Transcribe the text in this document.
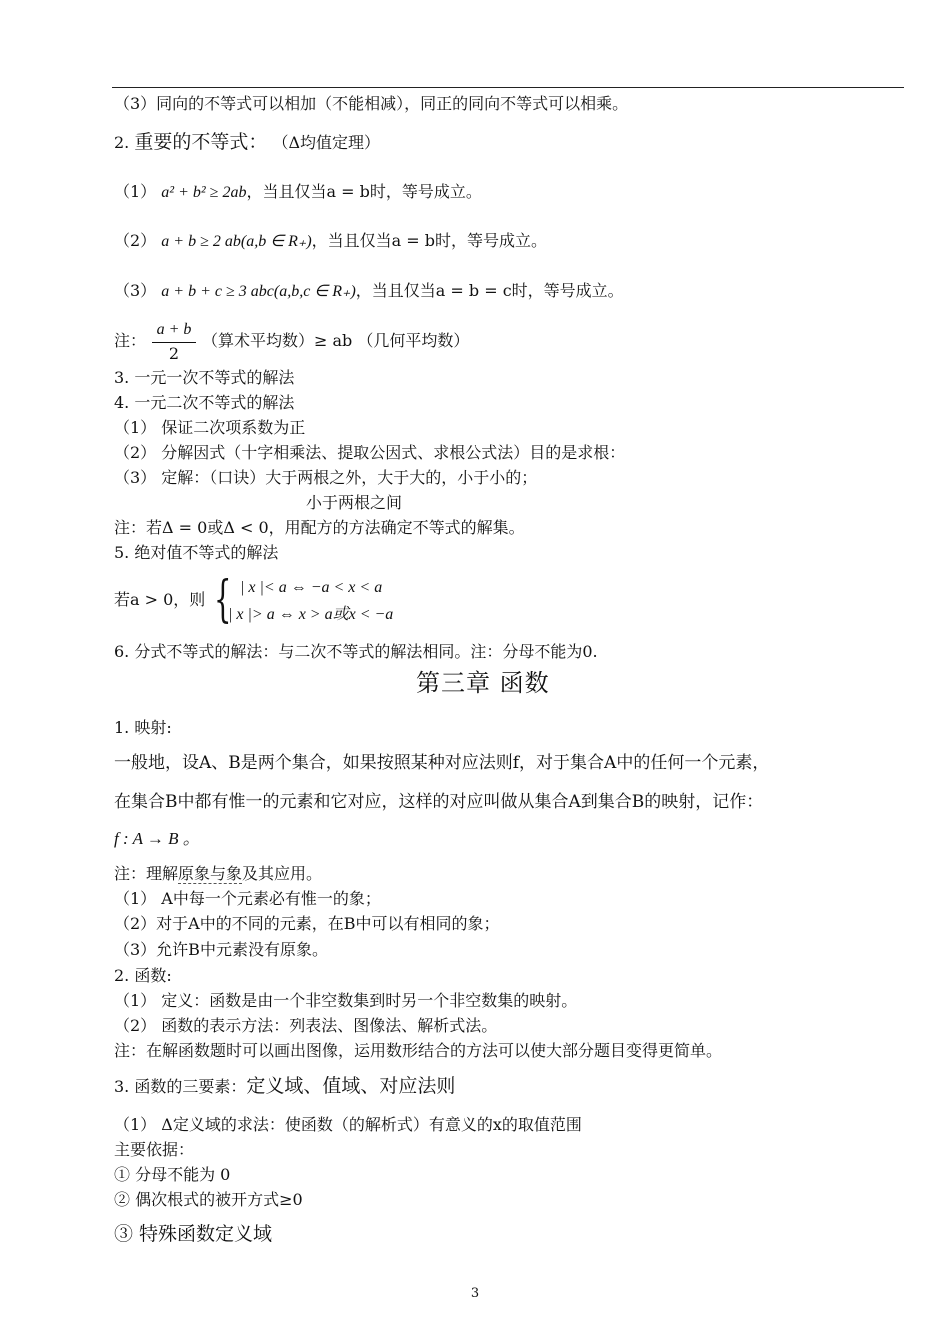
（3）同向的不等式可以相加（不能相减），同正的同向不等式可以相乘。
2. 重要的不等式： （Δ均值定理）
（1） a² + b² ≥ 2ab，当且仅当a = b时，等号成立。
（2） a + b ≥ 2 ab(a,b ∈ R₊)，当且仅当a = b时，等号成立。
（3） a + b + c ≥ 3 abc(a,b,c ∈ R₊)，当且仅当a = b = c时，等号成立。
注： $\frac{a + b}{2}$ （算术平均数）≥ ab （几何平均数）
3. 一元一次不等式的解法
4. 一元二次不等式的解法
（1） 保证二次项系数为正
（2） 分解因式（十字相乘法、提取公因式、求根公式法）目的是求根：
（3） 定解：（口诀）大于两根之外，大于大的，小于小的；
小于两根之间
注：若Δ = 0或Δ < 0，用配方的方法确定不等式的解集。
5. 绝对值不等式的解法
若a > 0，则 { | x |< a ⇔ −a < x < a
| x |> a ⇔ x > a或x < −a
6. 分式不等式的解法：与二次不等式的解法相同。注：分母不能为0.
第三章 函数
1. 映射:
一般地，设A、B是两个集合，如果按照某种对应法则f，对于集合A中的任何一个元素，
在集合B中都有惟一的元素和它对应，这样的对应叫做从集合A到集合B的映射，记作：
f : A → B 。
注：理解原象与象及其应用。
（1） A中每一个元素必有惟一的象；
（2）对于A中的不同的元素，在B中可以有相同的象；
（3）允许B中元素没有原象。
2. 函数:
（1） 定义：函数是由一个非空数集到时另一个非空数集的映射。
（2） 函数的表示方法：列表法、图像法、解析式法。
注：在解函数题时可以画出图像，运用数形结合的方法可以使大部分题目变得更简单。
3. 函数的三要素：定义域、值域、对应法则
（1） Δ定义域的求法：使函数（的解析式）有意义的x的取值范围
主要依据：
① 分母不能为 0
② 偶次根式的被开方式≥0
③ 特殊函数定义域
3
